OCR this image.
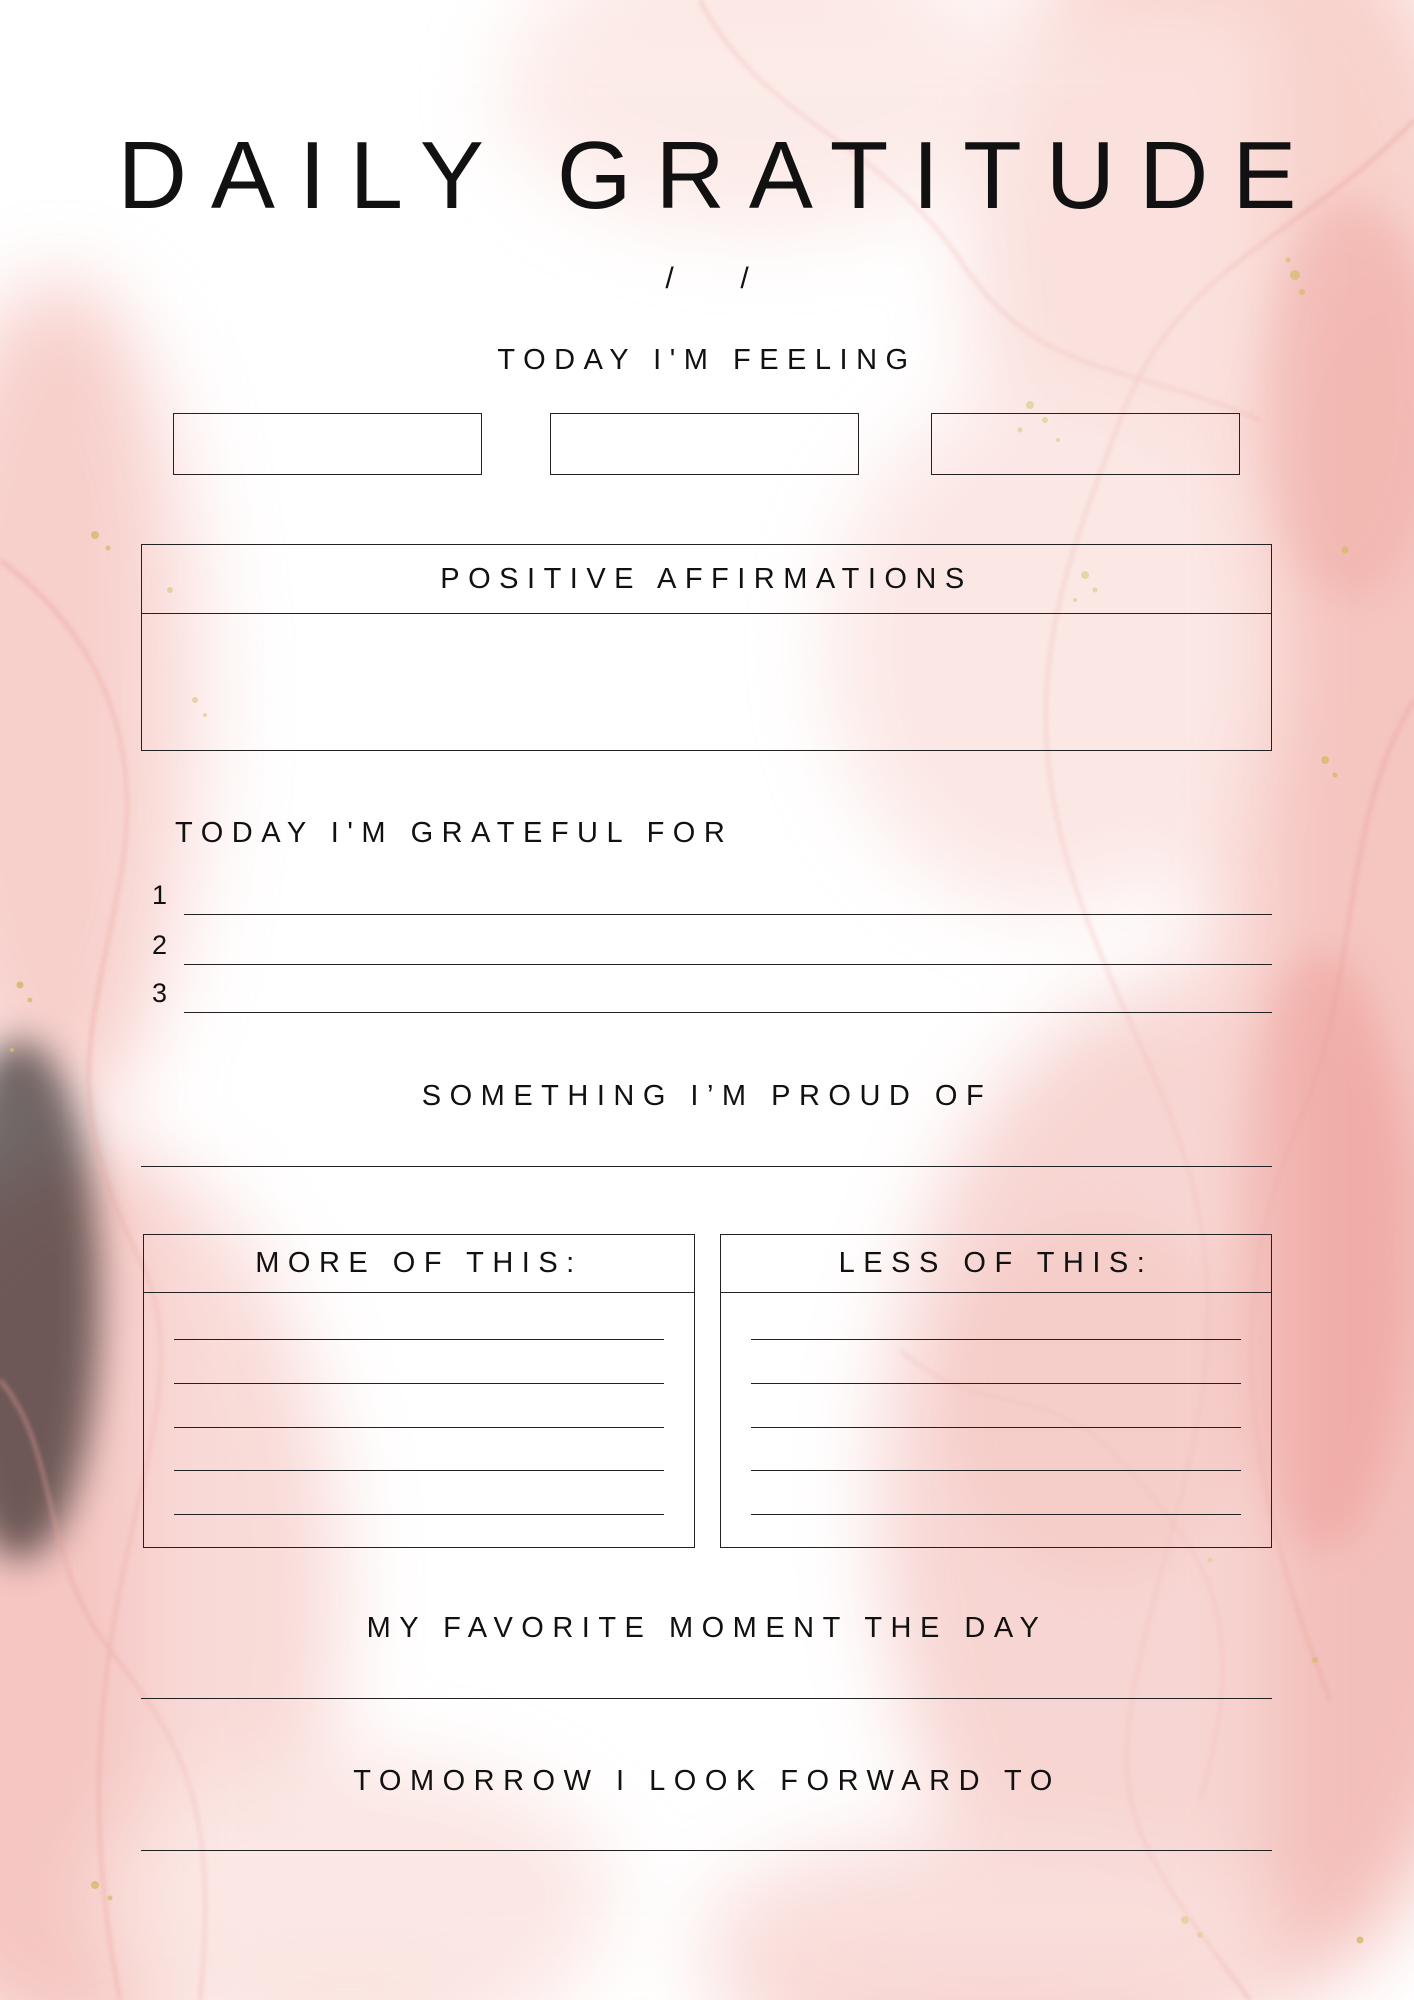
DAILY GRATITUDE
/ /
TODAY I'M FEELING
POSITIVE AFFIRMATIONS
TODAY I'M GRATEFUL FOR
1
2
3
SOMETHING I’M PROUD OF
MORE OF THIS:	LESS OF THIS:
MY FAVORITE MOMENT THE DAY
TOMORROW I LOOK FORWARD TO
